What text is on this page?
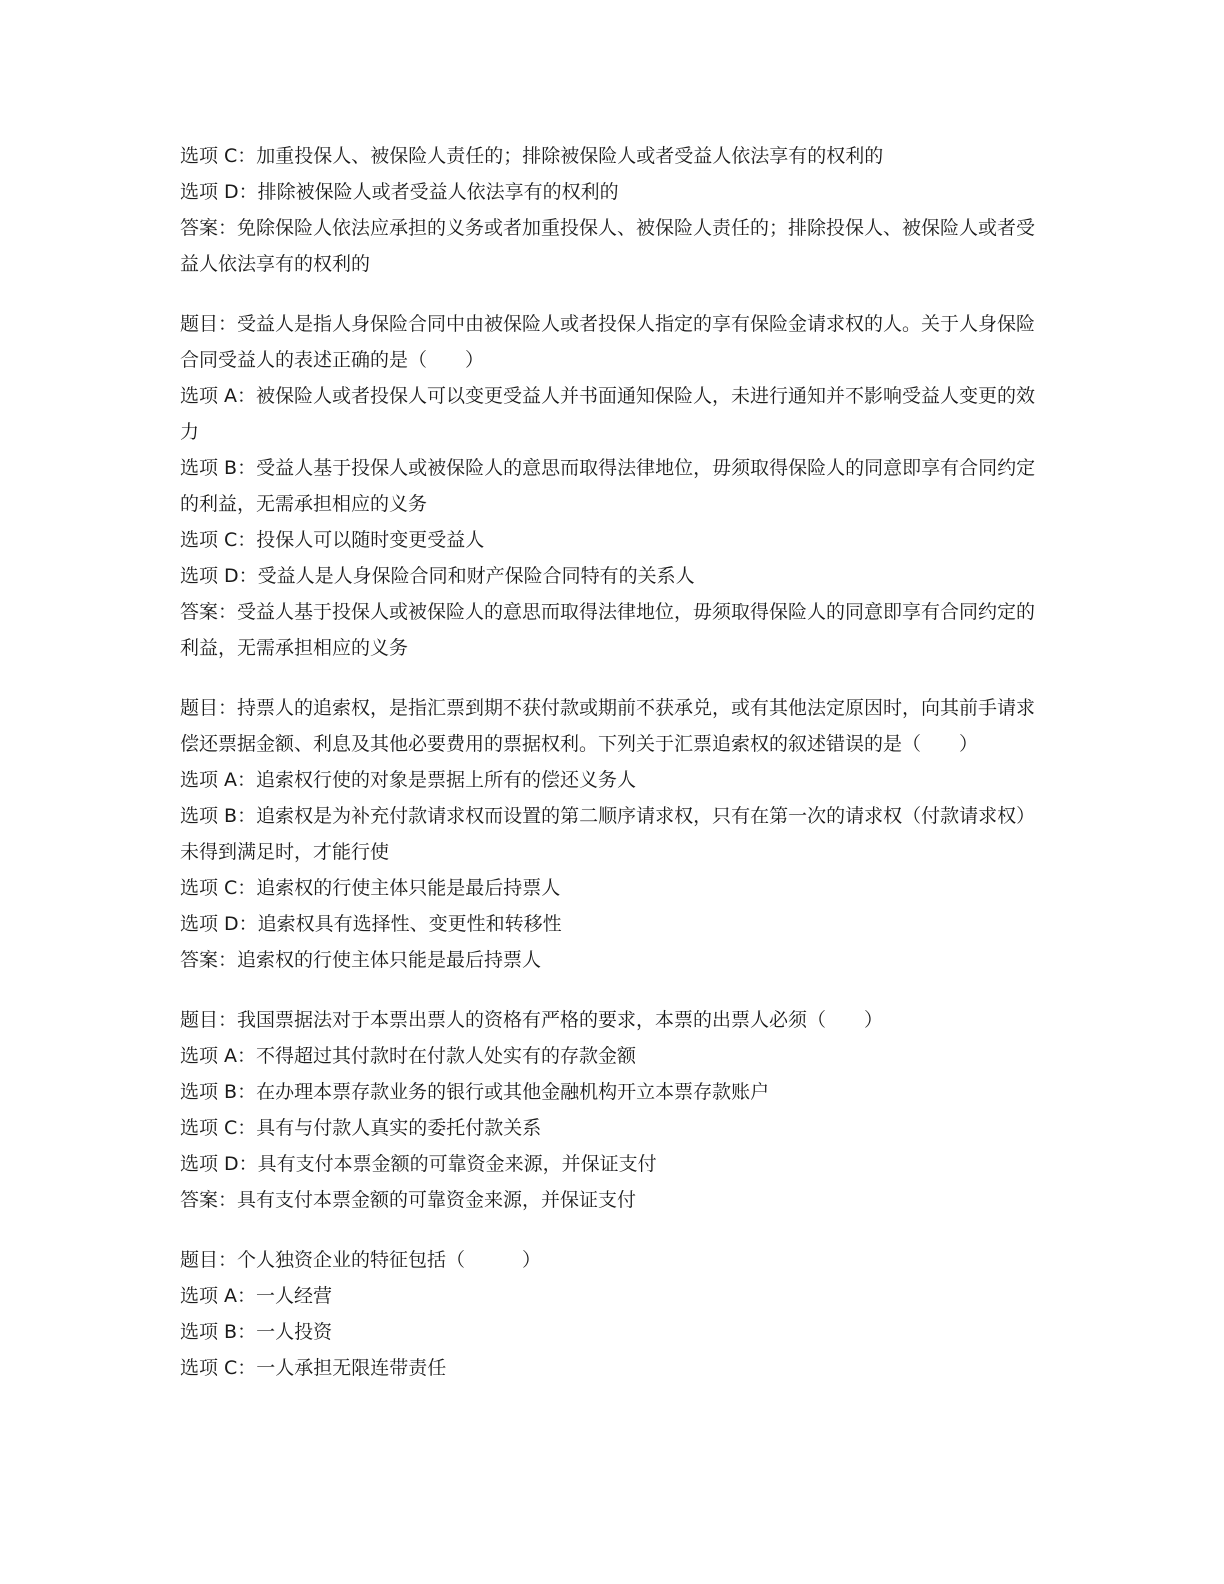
选项 C：加重投保人、被保险人责任的；排除被保险人或者受益人依法享有的权利的

选项 D：排除被保险人或者受益人依法享有的权利的

答案：免除保险人依法应承担的义务或者加重投保人、被保险人责任的；排除投保人、被保险人或者受益人依法享有的权利的

题目：受益人是指人身保险合同中由被保险人或者投保人指定的享有保险金请求权的人。关于人身保险合同受益人的表述正确的是（　　）

选项 A：被保险人或者投保人可以变更受益人并书面通知保险人，未进行通知并不影响受益人变更的效力

选项 B：受益人基于投保人或被保险人的意思而取得法律地位，毋须取得保险人的同意即享有合同约定的利益，无需承担相应的义务

选项 C：投保人可以随时变更受益人

选项 D：受益人是人身保险合同和财产保险合同特有的关系人

答案：受益人基于投保人或被保险人的意思而取得法律地位，毋须取得保险人的同意即享有合同约定的利益，无需承担相应的义务

题目：持票人的追索权，是指汇票到期不获付款或期前不获承兑，或有其他法定原因时，向其前手请求偿还票据金额、利息及其他必要费用的票据权利。下列关于汇票追索权的叙述错误的是（　　）

选项 A：追索权行使的对象是票据上所有的偿还义务人

选项 B：追索权是为补充付款请求权而设置的第二顺序请求权，只有在第一次的请求权（付款请求权）未得到满足时，才能行使

选项 C：追索权的行使主体只能是最后持票人

选项 D：追索权具有选择性、变更性和转移性

答案：追索权的行使主体只能是最后持票人

题目：我国票据法对于本票出票人的资格有严格的要求，本票的出票人必须（　　）

选项 A：不得超过其付款时在付款人处实有的存款金额

选项 B：在办理本票存款业务的银行或其他金融机构开立本票存款账户

选项 C：具有与付款人真实的委托付款关系

选项 D：具有支付本票金额的可靠资金来源，并保证支付

答案：具有支付本票金额的可靠资金来源，并保证支付

题目：个人独资企业的特征包括（　　　）

选项 A：一人经营

选项 B：一人投资

选项 C：一人承担无限连带责任
